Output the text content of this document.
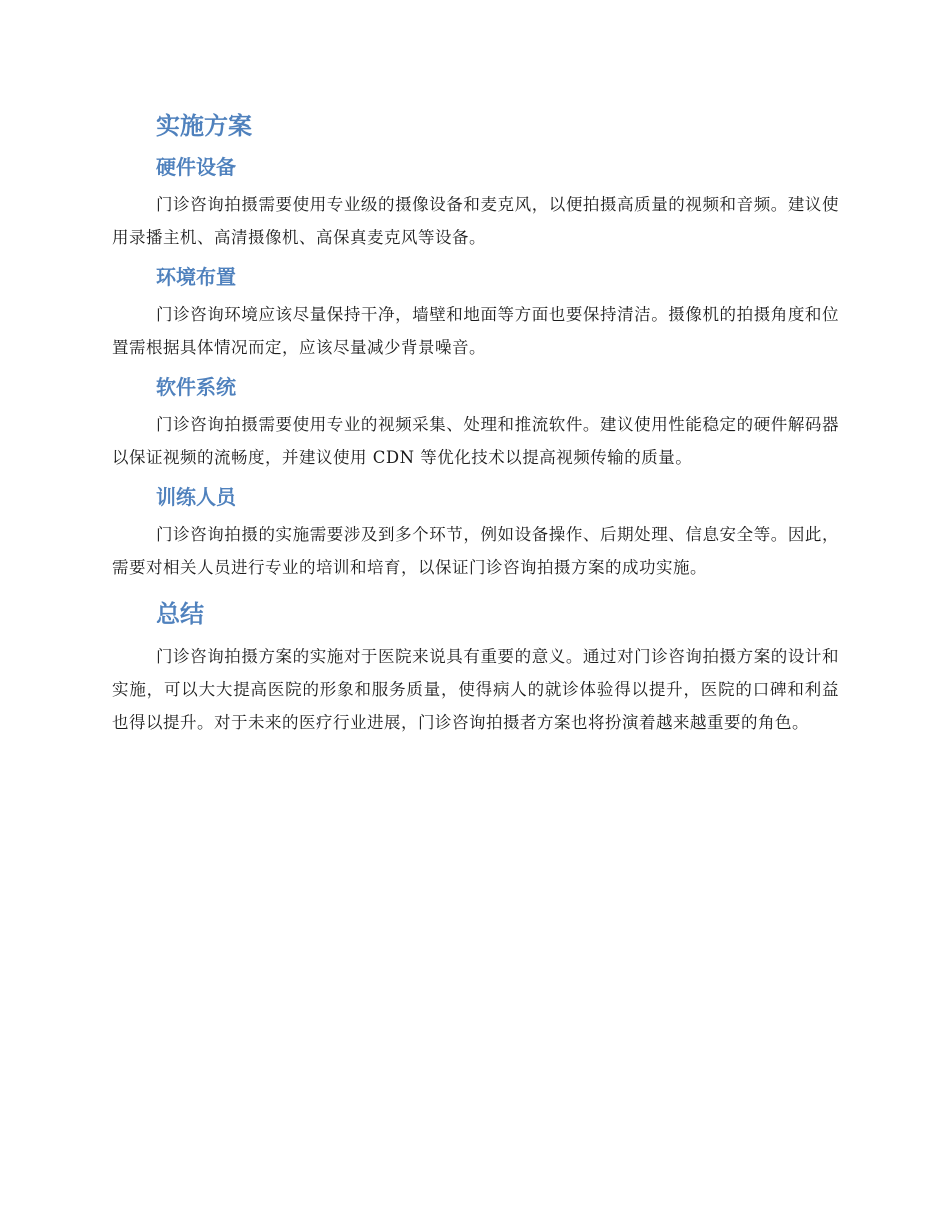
实施方案
硬件设备

门诊咨询拍摄需要使用专业级的摄像设备和麦克风，以便拍摄高质量的视频和音频。建议使用录播主机、高清摄像机、高保真麦克风等设备。

环境布置

门诊咨询环境应该尽量保持干净，墙壁和地面等方面也要保持清洁。摄像机的拍摄角度和位置需根据具体情况而定，应该尽量减少背景噪音。

软件系统

门诊咨询拍摄需要使用专业的视频采集、处理和推流软件。建议使用性能稳定的硬件解码器以保证视频的流畅度，并建议使用 CDN 等优化技术以提高视频传输的质量。

训练人员

门诊咨询拍摄的实施需要涉及到多个环节，例如设备操作、后期处理、信息安全等。因此，需要对相关人员进行专业的培训和培育，以保证门诊咨询拍摄方案的成功实施。

总结

门诊咨询拍摄方案的实施对于医院来说具有重要的意义。通过对门诊咨询拍摄方案的设计和实施，可以大大提高医院的形象和服务质量，使得病人的就诊体验得以提升，医院的口碑和利益也得以提升。对于未来的医疗行业进展，门诊咨询拍摄者方案也将扮演着越来越重要的角色。
